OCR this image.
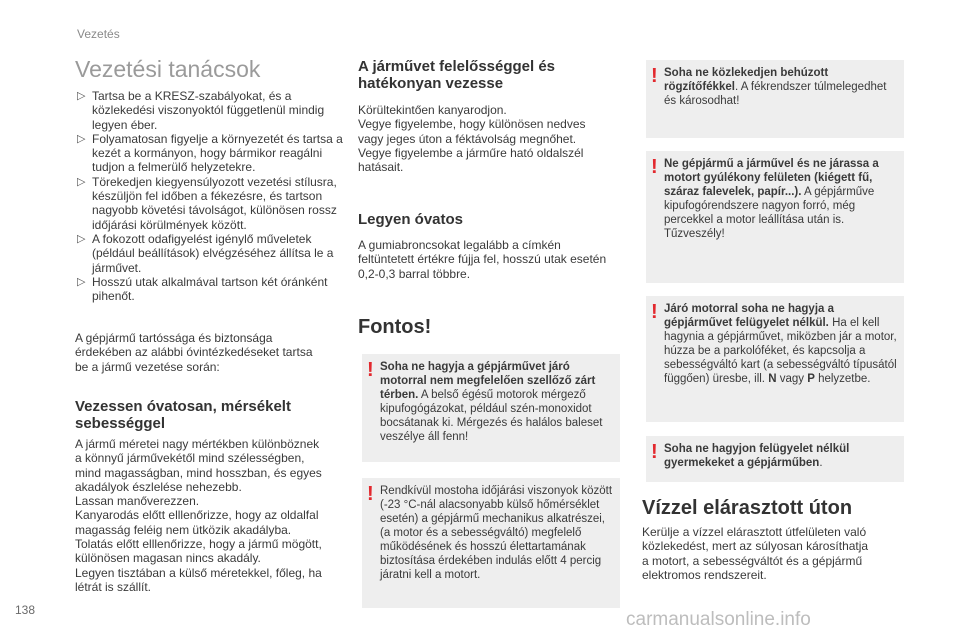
Vezetés
Vezetési tanácsok
▷ Tartsa be a KRESZ-szabályokat, és a közlekedési viszonyoktól függetlenül mindig legyen éber.
▷ Folyamatosan figyelje a környezetét és tartsa a kezét a kormányon, hogy bármikor reagálni tudjon a felmerülő helyzetekre.
▷ Törekedjen kiegyensúlyozott vezetési stílusra, készüljön fel időben a fékezésre, és tartson nagyobb követési távolságot, különösen rossz időjárási körülmények között.
▷ A fokozott odafigyelést igénylő műveletek (például beállítások) elvégzéséhez állítsa le a járművet.
▷ Hosszú utak alkalmával tartson két óránként pihenőt.

A gépjármű tartóssága és biztonsága
érdekében az alábbi óvintézkedéseket tartsa
be a jármű vezetése során:

Vezessen óvatosan, mérsékelt
sebességgel

A jármű méretei nagy mértékben különböznek
a könnyű járművekétől mind szélességben,
mind magasságban, mind hosszban, és egyes
akadályok észlelése nehezebb.
Lassan manőverezzen.
Kanyarodás előtt elllenőrizze, hogy az oldalfal
magasság feléig nem ütközik akadályba.
Tolatás előtt elllenőrizze, hogy a jármű mögött,
különösen magasan nincs akadály.
Legyen tisztában a külső méretekkel, főleg, ha
létrát is szállít.

A járművet felelősséggel és
hatékonyan vezesse

Körültekintően kanyarodjon.
Vegye figyelembe, hogy különösen nedves
vagy jeges úton a féktávolság megnőhet.
Vegye figyelembe a járműre ható oldalszél
hatásait.

Legyen óvatos

A gumiabroncsokat legalább a címkén
feltüntetett értékre fújja fel, hosszú utak esetén
0,2-0,3 barral többre.

Fontos!
! Soha ne hagyja a gépjárművet járó motorral nem megfelelően szellőző zárt térben. A belső égésű motorok mérgező kipufogógázokat, például szén-monoxidot bocsátanak ki. Mérgezés és halálos baleset veszélye áll fenn!
! Rendkívül mostoha időjárási viszonyok között (-23 °C-nál alacsonyabb külső hőmérséklet esetén) a gépjármű mechanikus alkatrészei, (a motor és a sebességváltó) megfelelő működésének és hosszú élettartamának biztosítása érdekében indulás előtt 4 percig járatni kell a motort.
! Soha ne közlekedjen behúzott rögzítőfékkel. A fékrendszer túlmelegedhet és károsodhat!
! Ne gépjármű a járművel és ne járassa a motort gyúlékony felületen (kiégett fű, száraz falevelek, papír...). A gépjárműve kipufogórendszere nagyon forró, még percekkel a motor leállítása után is. Tűzveszély!
! Járó motorral soha ne hagyja a gépjárművet felügyelet nélkül. Ha el kell hagynia a gépjárművet, miközben jár a motor, húzza be a parkolóféket, és kapcsolja a sebességváltó kart (a sebességváltó típusától függően) üresbe, ill. N vagy P helyzetbe.
! Soha ne hagyjon felügyelet nélkül gyermekeket a gépjárműben.
Vízzel elárasztott úton

Kerülje a vízzel elárasztott útfelületen való
közlekedést, mert az súlyosan károsíthatja
a motort, a sebességváltót és a gépjármű
elektromos rendszereit.

138	carmanualsonline.info
